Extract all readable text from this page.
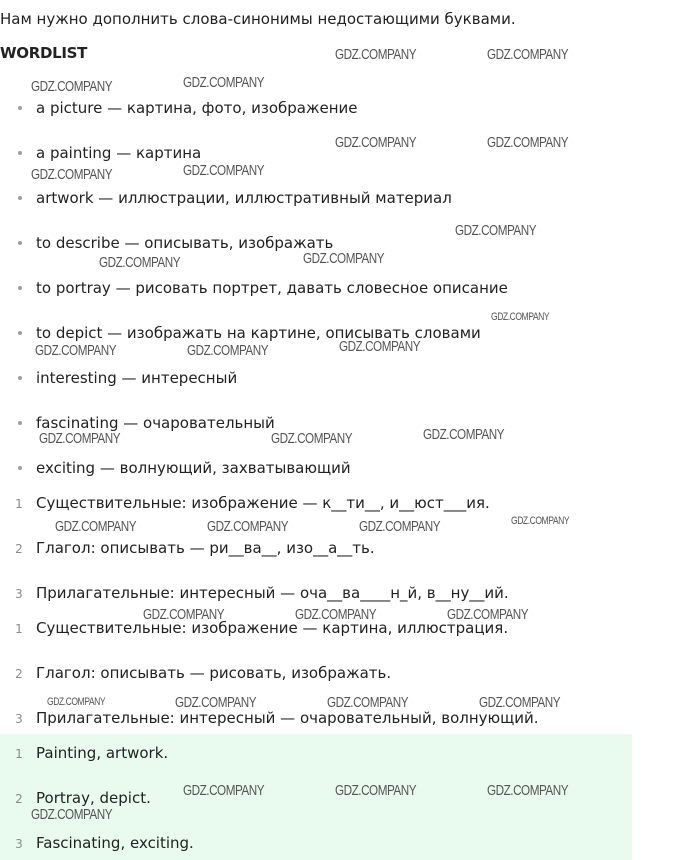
Нам нужно дополнить слова-синонимы недостающими буквами.
WORDLIST
a picture — картина, фото, изображение
a painting — картина
artwork — иллюстрации, иллюстративный материал
to describe — описывать, изображать
to portray — рисовать портрет, давать словесное описание
to depict — изображать на картине, описывать словами
interesting — интересный
fascinating — очаровательный
exciting — волнующий, захватывающий
1 Существительные: изображение — к__ти__, и__юст___ия.
2 Глагол: описывать — ри__ва__, изо__а__ть.
3 Прилагательные: интересный — оча__ва____н_й, в__ну__ий.
1 Существительные: изображение — картина, иллюстрация.
2 Глагол: описывать — рисовать, изображать.
3 Прилагательные: интересный — очаровательный, волнующий.
1 Painting, artwork.
2 Portray, depict.
3 Fascinating, exciting.
GDZ.COMPANY	GDZ.COMPANY
GDZ.COMPANY	GDZ.COMPANY
GDZ.COMPANY	GDZ.COMPANY
GDZ.COMPANY	GDZ.COMPANY
GDZ.COMPANY
GDZ.COMPANY	GDZ.COMPANY
GDZ.COMPANY
GDZ.COMPANY	GDZ.COMPANY	GDZ.COMPANY
GDZ.COMPANY	GDZ.COMPANY	GDZ.COMPANY
GDZ.COMPANY	GDZ.COMPANY	GDZ.COMPANY	GDZ.COMPANY
GDZ.COMPANY	GDZ.COMPANY	GDZ.COMPANY
GDZ.COMPANY	GDZ.COMPANY	GDZ.COMPANY	GDZ.COMPANY
GDZ.COMPANY	GDZ.COMPANY	GDZ.COMPANY
GDZ.COMPANY
